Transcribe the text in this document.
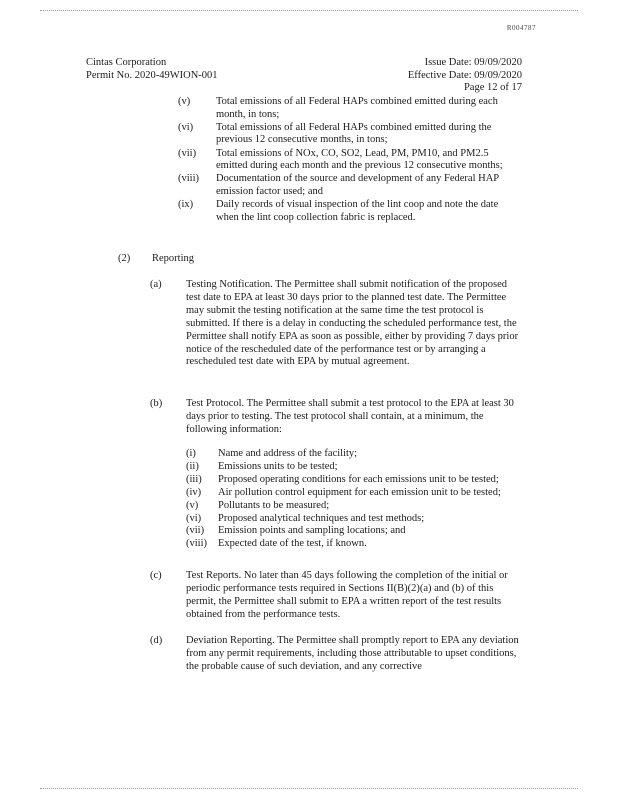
R004787
Cintas Corporation
Permit No. 2020-49WION-001
Issue Date: 09/09/2020
Effective Date: 09/09/2020
Page 12 of 17
(v)	Total emissions of all Federal HAPs combined emitted during each month, in tons;
(vi)	Total emissions of all Federal HAPs combined emitted during the previous 12 consecutive months, in tons;
(vii)	Total emissions of NOx, CO, SO2, Lead, PM, PM10, and PM2.5 emitted during each month and the previous 12 consecutive months;
(viii)	Documentation of the source and development of any Federal HAP emission factor used; and
(ix)	Daily records of visual inspection of the lint coop and note the date when the lint coop collection fabric is replaced.
(2)	Reporting
(a)	Testing Notification. The Permittee shall submit notification of the proposed test date to EPA at least 30 days prior to the planned test date. The Permittee may submit the testing notification at the same time the test protocol is submitted. If there is a delay in conducting the scheduled performance test, the Permittee shall notify EPA as soon as possible, either by providing 7 days prior notice of the rescheduled date of the performance test or by arranging a rescheduled test date with EPA by mutual agreement.
(b)	Test Protocol. The Permittee shall submit a test protocol to the EPA at least 30 days prior to testing. The test protocol shall contain, at a minimum, the following information:
(i)	Name and address of the facility;
(ii)	Emissions units to be tested;
(iii)	Proposed operating conditions for each emissions unit to be tested;
(iv)	Air pollution control equipment for each emission unit to be tested;
(v)	Pollutants to be measured;
(vi)	Proposed analytical techniques and test methods;
(vii)	Emission points and sampling locations; and
(viii)	Expected date of the test, if known.
(c)	Test Reports. No later than 45 days following the completion of the initial or periodic performance tests required in Sections II(B)(2)(a) and (b) of this permit, the Permittee shall submit to EPA a written report of the test results obtained from the performance tests.
(d)	Deviation Reporting. The Permittee shall promptly report to EPA any deviation from any permit requirements, including those attributable to upset conditions, the probable cause of such deviation, and any corrective
